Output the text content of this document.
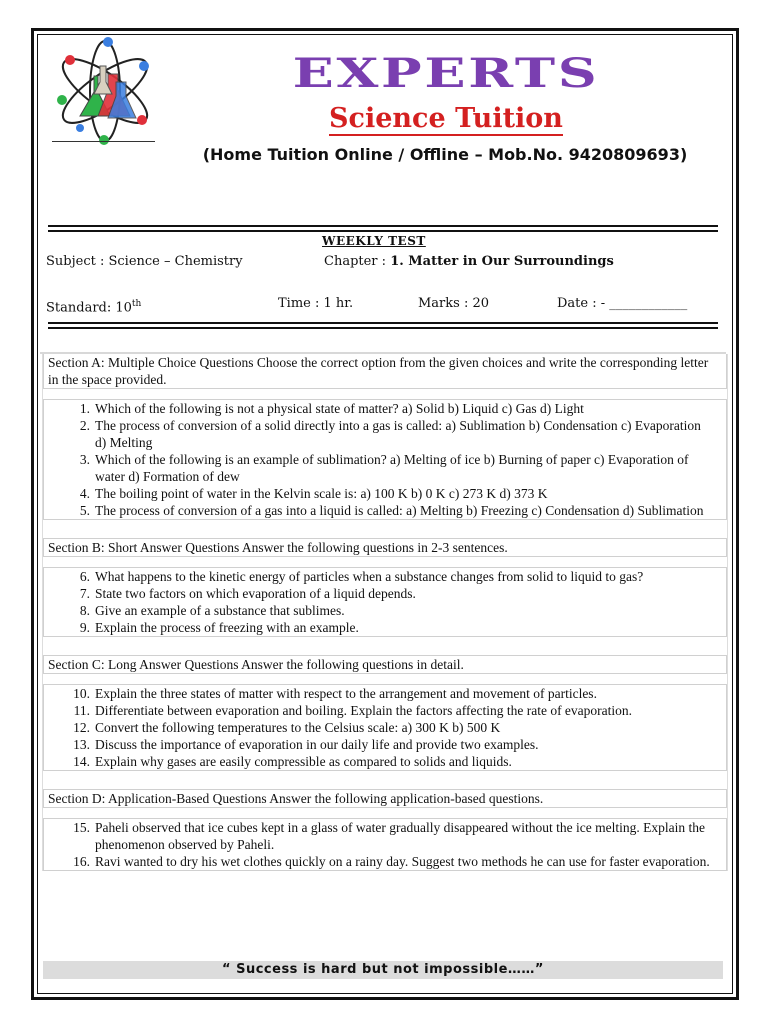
EXPERTS
Science Tuition
(Home Tuition Online / Offline – Mob.No. 9420809693)
WEEKLY TEST
Subject : Science – Chemistry	Chapter : 1. Matter in Our Surroundings
Standard: 10th	Time : 1 hr.	Marks : 20	Date : - ____________
Section A: Multiple Choice Questions Choose the correct option from the given choices and write the corresponding letter in the space provided.
1. Which of the following is not a physical state of matter? a) Solid b) Liquid c) Gas d) Light
2. The process of conversion of a solid directly into a gas is called: a) Sublimation b) Condensation c) Evaporation d) Melting
3. Which of the following is an example of sublimation? a) Melting of ice b) Burning of paper c) Evaporation of water d) Formation of dew
4. The boiling point of water in the Kelvin scale is: a) 100 K b) 0 K c) 273 K d) 373 K
5. The process of conversion of a gas into a liquid is called: a) Melting b) Freezing c) Condensation d) Sublimation
Section B: Short Answer Questions Answer the following questions in 2-3 sentences.
6. What happens to the kinetic energy of particles when a substance changes from solid to liquid to gas?
7. State two factors on which evaporation of a liquid depends.
8. Give an example of a substance that sublimes.
9. Explain the process of freezing with an example.
Section C: Long Answer Questions Answer the following questions in detail.
10. Explain the three states of matter with respect to the arrangement and movement of particles.
11. Differentiate between evaporation and boiling. Explain the factors affecting the rate of evaporation.
12. Convert the following temperatures to the Celsius scale: a) 300 K b) 500 K
13. Discuss the importance of evaporation in our daily life and provide two examples.
14. Explain why gases are easily compressible as compared to solids and liquids.
Section D: Application-Based Questions Answer the following application-based questions.
15. Paheli observed that ice cubes kept in a glass of water gradually disappeared without the ice melting. Explain the phenomenon observed by Paheli.
16. Ravi wanted to dry his wet clothes quickly on a rainy day. Suggest two methods he can use for faster evaporation.
“ Success is hard but not impossible……”
